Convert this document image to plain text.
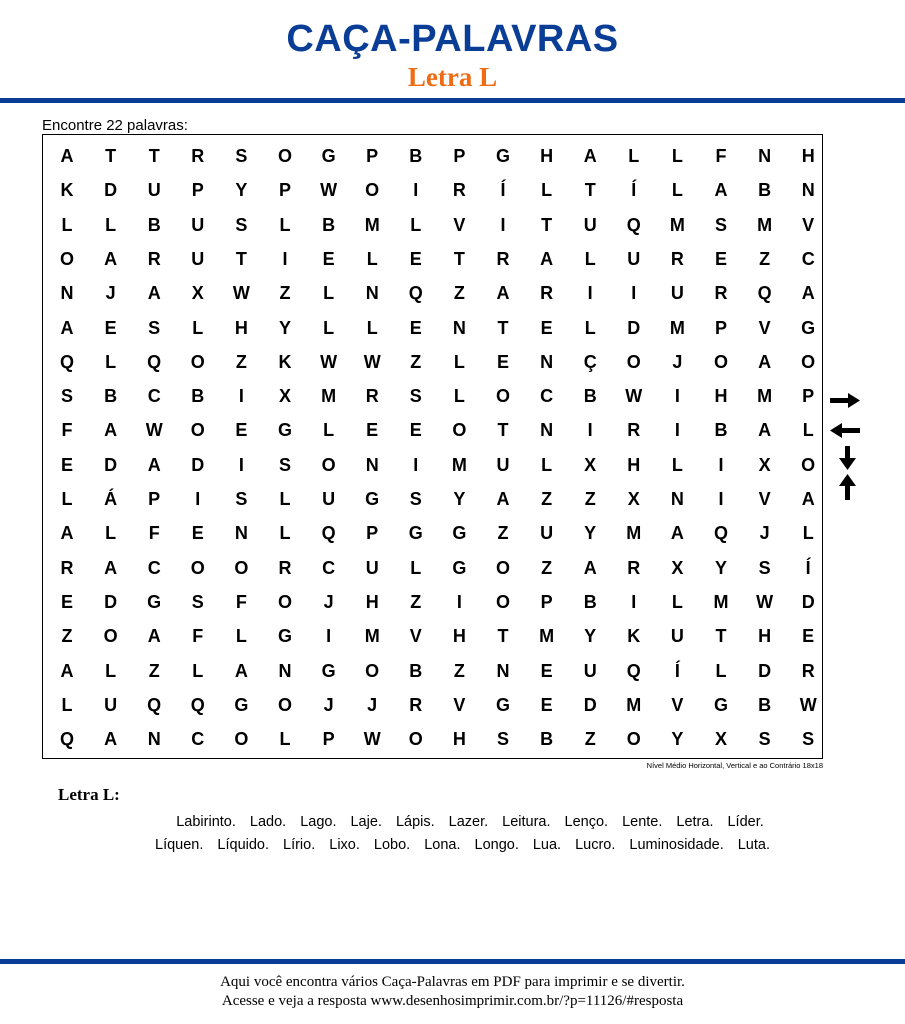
CAÇA-PALAVRAS
Letra L
Encontre 22 palavras:
A	T	T	R	S	O	G	P	B	P	G	H	A	L	L	F	N	H
K	D	U	P	Y	P	W	O	I	R	Í	L	T	Í	L	A	B	N
L	L	B	U	S	L	B	M	L	V	I	T	U	Q	M	S	M	V
O	A	R	U	T	I	E	L	E	T	R	A	L	U	R	E	Z	C
N	J	A	X	W	Z	L	N	Q	Z	A	R	I	I	U	R	Q	A
A	E	S	L	H	Y	L	L	E	N	T	E	L	D	M	P	V	G
Q	L	Q	O	Z	K	W	W	Z	L	E	N	Ç	O	J	O	A	O
S	B	C	B	I	X	M	R	S	L	O	C	B	W	I	H	M	P
F	A	W	O	E	G	L	E	E	O	T	N	I	R	I	B	A	L
E	D	A	D	I	S	O	N	I	M	U	L	X	H	L	I	X	O
L	Á	P	I	S	L	U	G	S	Y	A	Z	Z	X	N	I	V	A
A	L	F	E	N	L	Q	P	G	G	Z	U	Y	M	A	Q	J	L
R	A	C	O	O	R	C	U	L	G	O	Z	A	R	X	Y	S	Í
E	D	G	S	F	O	J	H	Z	I	O	P	B	I	L	M	W	D
Z	O	A	F	L	G	I	M	V	H	T	M	Y	K	U	T	H	E
A	L	Z	L	A	N	G	O	B	Z	N	E	U	Q	Í	L	D	R
L	U	Q	Q	G	O	J	J	R	V	G	E	D	M	V	G	B	W
Q	A	N	C	O	L	P	W	O	H	S	B	Z	O	Y	X	S	S
Nível Médio Horizontal, Vertical e ao Contrário 18x18
Letra L:
Labirinto. Lado. Lago. Laje. Lápis. Lazer. Leitura. Lenço. Lente. Letra. Líder.
Líquen. Líquido. Lírio. Lixo. Lobo. Lona. Longo. Lua. Lucro. Luminosidade. Luta.
Aqui você encontra vários Caça-Palavras em PDF para imprimir e se divertir.
Acesse e veja a resposta www.desenhosimprimir.com.br/?p=11126/#resposta
